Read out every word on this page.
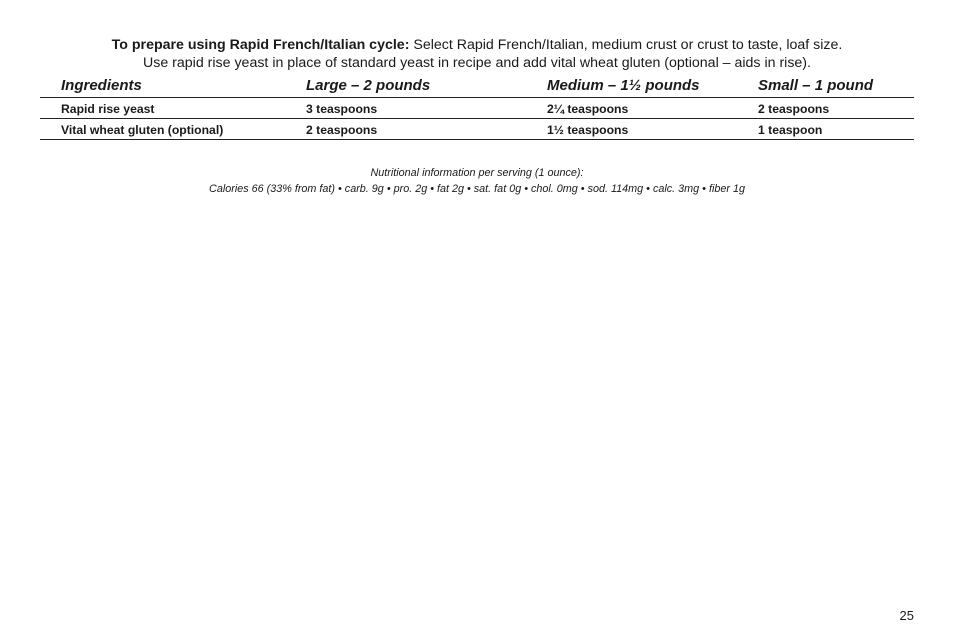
To prepare using Rapid French/Italian cycle: Select Rapid French/Italian, medium crust or crust to taste, loaf size.
Use rapid rise yeast in place of standard yeast in recipe and add vital wheat gluten (optional – aids in rise).
Ingredients	Large – 2 pounds	Medium – 1½ pounds	Small – 1 pound
Rapid rise yeast	3 teaspoons	2¼ teaspoons	2 teaspoons
Vital wheat gluten (optional)	2 teaspoons	1½ teaspoons	1 teaspoon
Nutritional information per serving (1 ounce):
Calories 66 (33% from fat) • carb. 9g • pro. 2g • fat 2g • sat. fat 0g • chol. 0mg • sod. 114mg • calc. 3mg • fiber 1g
25
